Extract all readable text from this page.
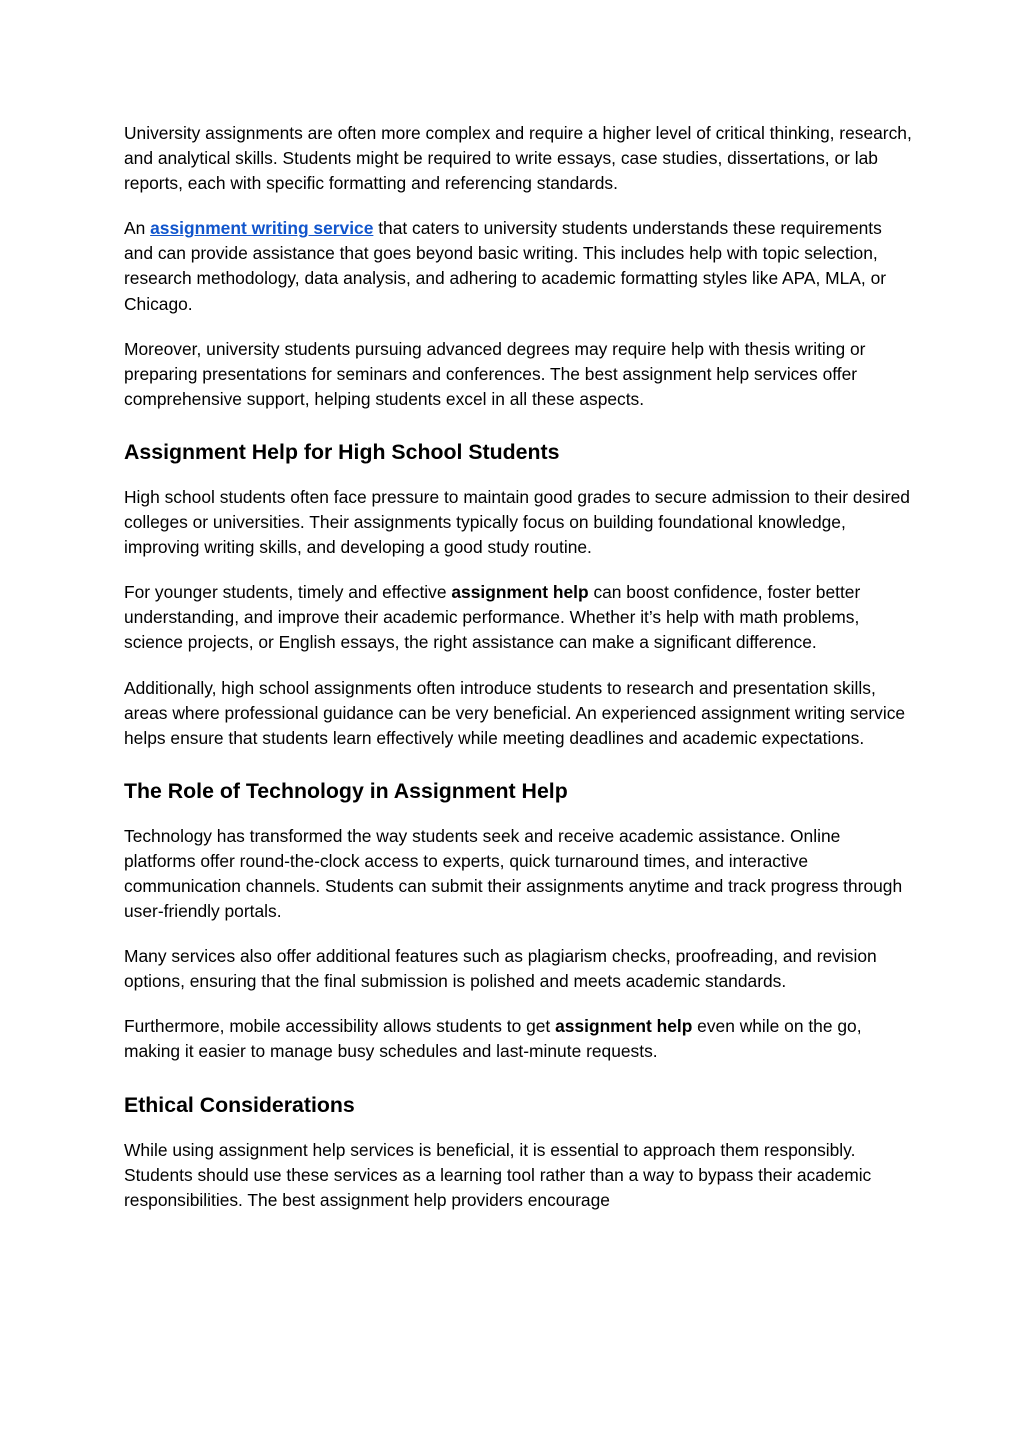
University assignments are often more complex and require a higher level of critical thinking, research, and analytical skills. Students might be required to write essays, case studies, dissertations, or lab reports, each with specific formatting and referencing standards.

An assignment writing service that caters to university students understands these requirements and can provide assistance that goes beyond basic writing. This includes help with topic selection, research methodology, data analysis, and adhering to academic formatting styles like APA, MLA, or Chicago.

Moreover, university students pursuing advanced degrees may require help with thesis writing or preparing presentations for seminars and conferences. The best assignment help services offer comprehensive support, helping students excel in all these aspects.

Assignment Help for High School Students

High school students often face pressure to maintain good grades to secure admission to their desired colleges or universities. Their assignments typically focus on building foundational knowledge, improving writing skills, and developing a good study routine.

For younger students, timely and effective assignment help can boost confidence, foster better understanding, and improve their academic performance. Whether it’s help with math problems, science projects, or English essays, the right assistance can make a significant difference.

Additionally, high school assignments often introduce students to research and presentation skills, areas where professional guidance can be very beneficial. An experienced assignment writing service helps ensure that students learn effectively while meeting deadlines and academic expectations.

The Role of Technology in Assignment Help

Technology has transformed the way students seek and receive academic assistance. Online platforms offer round-the-clock access to experts, quick turnaround times, and interactive communication channels. Students can submit their assignments anytime and track progress through user-friendly portals.

Many services also offer additional features such as plagiarism checks, proofreading, and revision options, ensuring that the final submission is polished and meets academic standards.

Furthermore, mobile accessibility allows students to get assignment help even while on the go, making it easier to manage busy schedules and last-minute requests.

Ethical Considerations

While using assignment help services is beneficial, it is essential to approach them responsibly. Students should use these services as a learning tool rather than a way to bypass their academic responsibilities. The best assignment help providers encourage
